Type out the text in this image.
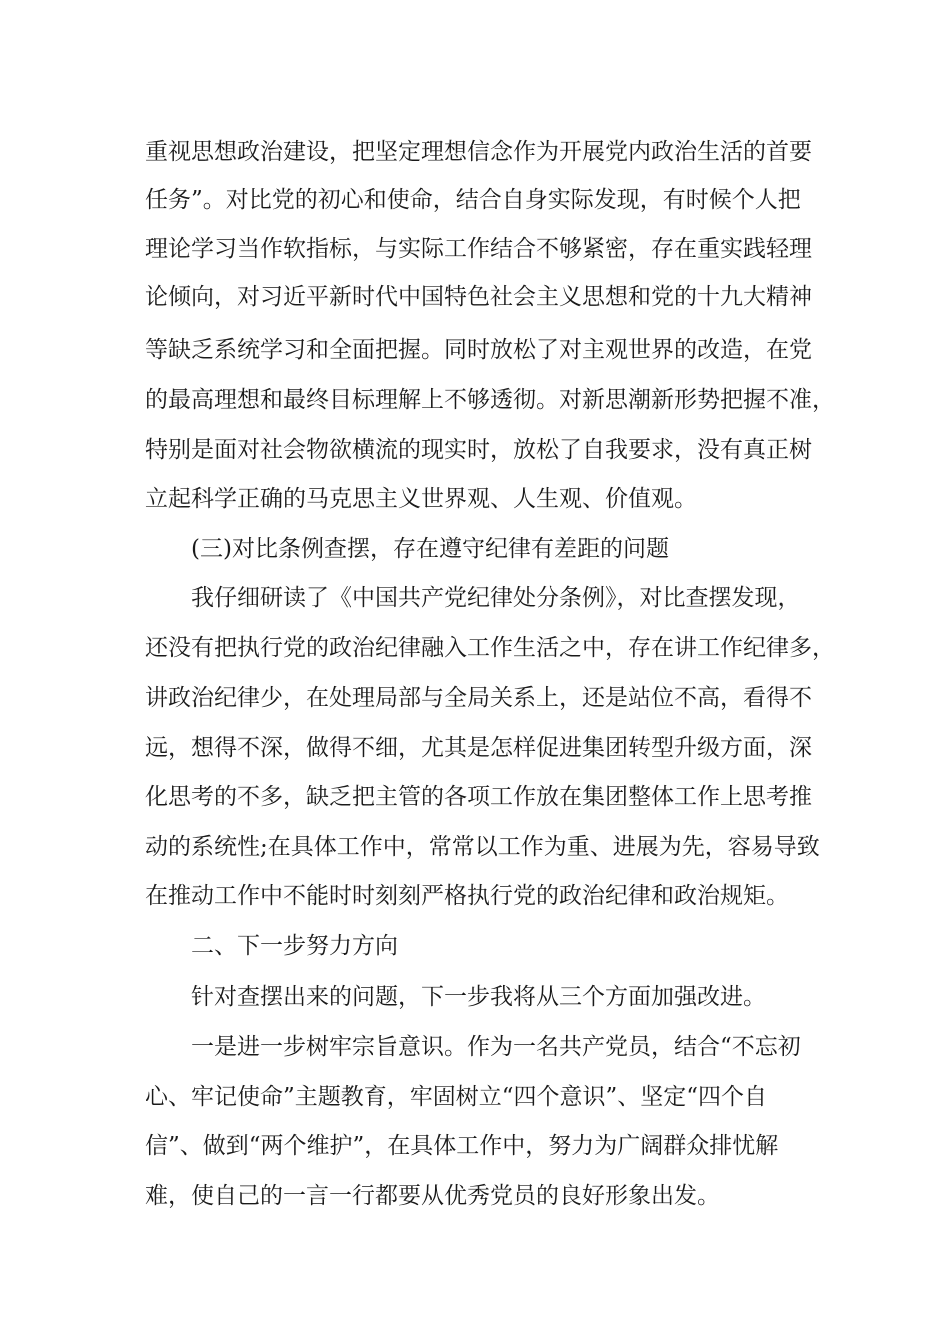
重视思想政治建设，把坚定理想信念作为开展党内政治生活的首要
任务”。对比党的初心和使命，结合自身实际发现，有时候个人把
理论学习当作软指标，与实际工作结合不够紧密，存在重实践轻理
论倾向，对习近平新时代中国特色社会主义思想和党的十九大精神
等缺乏系统学习和全面把握。同时放松了对主观世界的改造，在党
的最高理想和最终目标理解上不够透彻。对新思潮新形势把握不准，
特别是面对社会物欲横流的现实时，放松了自我要求，没有真正树
立起科学正确的马克思主义世界观、人生观、价值观。
(三)对比条例查摆，存在遵守纪律有差距的问题
我仔细研读了《中国共产党纪律处分条例》，对比查摆发现，
还没有把执行党的政治纪律融入工作生活之中，存在讲工作纪律多，
讲政治纪律少，在处理局部与全局关系上，还是站位不高，看得不
远，想得不深，做得不细，尤其是怎样促进集团转型升级方面，深
化思考的不多，缺乏把主管的各项工作放在集团整体工作上思考推
动的系统性;在具体工作中，常常以工作为重、进展为先，容易导致
在推动工作中不能时时刻刻严格执行党的政治纪律和政治规矩。
二、下一步努力方向
针对查摆出来的问题，下一步我将从三个方面加强改进。
一是进一步树牢宗旨意识。作为一名共产党员，结合“不忘初
心、牢记使命”主题教育，牢固树立“四个意识”、坚定“四个自
信”、做到“两个维护”，在具体工作中，努力为广阔群众排忧解
难，使自己的一言一行都要从优秀党员的良好形象出发。
